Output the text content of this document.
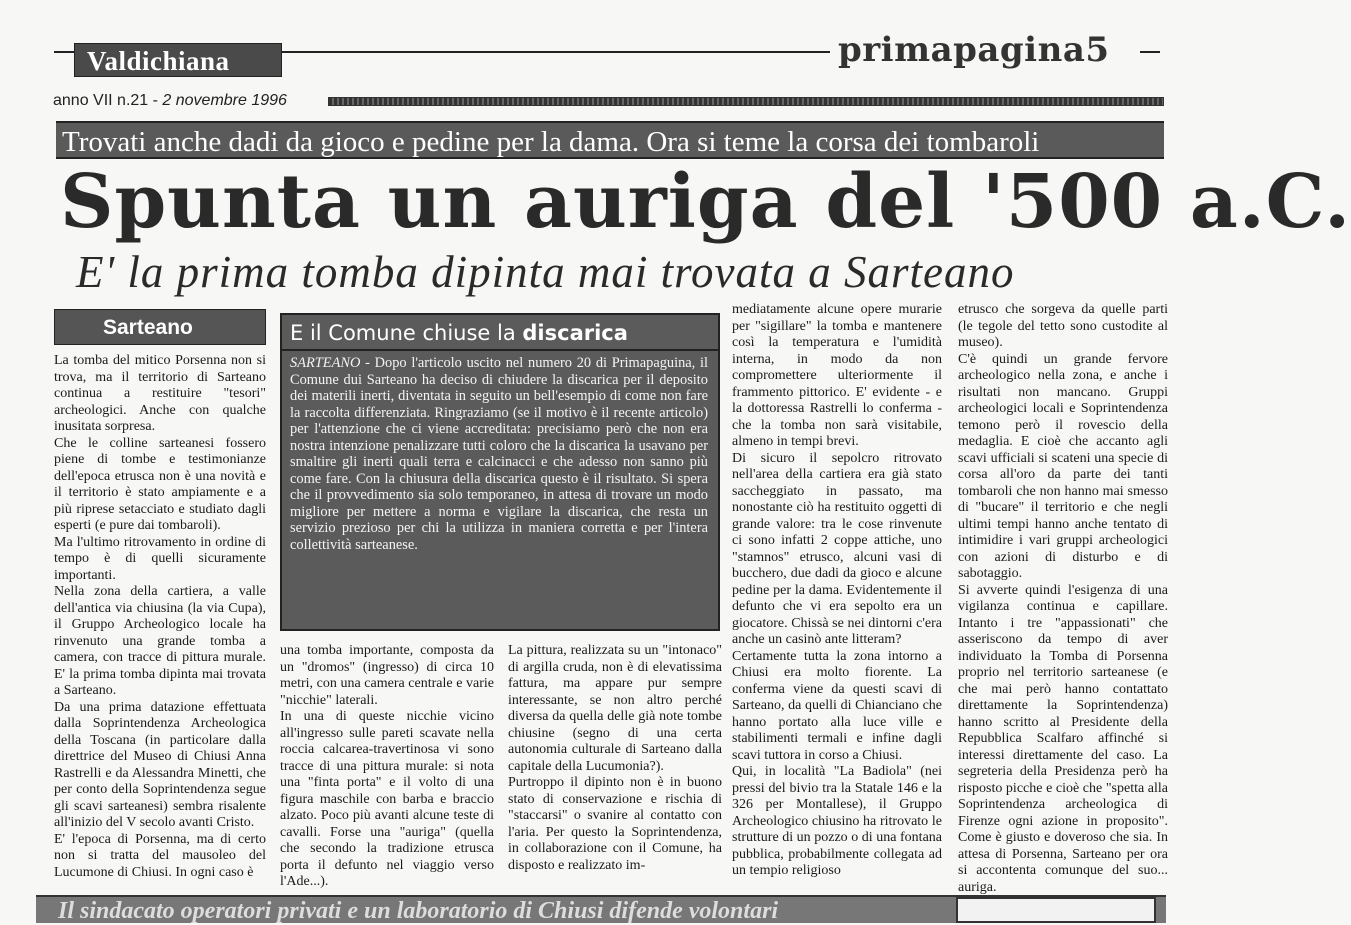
Valdichiana	primapagina5
anno VII n.21 - 2 novembre 1996
Trovati anche dadi da gioco e pedine per la dama. Ora si teme la corsa dei tombaroli
Spunta un auriga del '500 a.C.
E' la prima tomba dipinta mai trovata a Sarteano
Sarteano

La tomba del mitico Porsenna non si trova, ma il territorio di Sarteano continua a restituire "tesori" archeologici. Anche con qualche inusitata sorpresa.

Che le colline sarteanesi fossero piene di tombe e testimonianze dell'epoca etrusca non è una novità e il territorio è stato ampiamente e a più riprese setacciato e studiato dagli esperti (e pure dai tombaroli).

Ma l'ultimo ritrovamento in ordine di tempo è di quelli sicuramente importanti.

Nella zona della cartiera, a valle dell'antica via chiusina (la via Cupa), il Gruppo Archeologico locale ha rinvenuto una grande tomba a camera, con tracce di pittura murale. E' la prima tomba dipinta mai trovata a Sarteano.

Da una prima datazione effettuata dalla Soprintendenza Archeologica della Toscana (in particolare dalla direttrice del Museo di Chiusi Anna Rastrelli e da Alessandra Minetti, che per conto della Soprintendenza segue gli scavi sarteanesi) sembra risalente all'inizio del V secolo avanti Cristo.

E' l'epoca di Porsenna, ma di certo non si tratta del mausoleo del Lucumone di Chiusi. In ogni caso è

E il Comune chiuse la discarica
SARTEANO - Dopo l'articolo uscito nel numero 20 di Primapaguina, il Comune dui Sarteano ha deciso di chiudere la discarica per il deposito dei materili inerti, diventata in seguito un bell'esempio di come non fare la raccolta differenziata. Ringraziamo (se il motivo è il recente articolo) per l'attenzione che ci viene accreditata: precisiamo però che non era nostra intenzione penalizzare tutti coloro che la discarica la usavano per smaltire gli inerti quali terra e calcinacci e che adesso non sanno più come fare. Con la chiusura della discarica questo è il risultato. Si spera che il provvedimento sia solo temporaneo, in attesa di trovare un modo migliore per mettere a norma e vigilare la discarica, che resta un servizio prezioso per chi la utilizza in maniera corretta e per l'intera collettività sarteanese.

una tomba importante, composta da un "dromos" (ingresso) di circa 10 metri, con una camera centrale e varie "nicchie" laterali.

In una di queste nicchie vicino all'ingresso sulle pareti scavate nella roccia calcarea-travertinosa vi sono tracce di una pittura murale: si nota una "finta porta" e il volto di una figura maschile con barba e braccio alzato. Poco più avanti alcune teste di cavalli. Forse una "auriga" (quella che secondo la tradizione etrusca porta il defunto nel viaggio verso l'Ade...).

La pittura, realizzata su un "intonaco" di argilla cruda, non è di elevatissima fattura, ma appare pur sempre interessante, se non altro perché diversa da quella delle già note tombe chiusine (segno di una certa autonomia culturale di Sarteano dalla capitale della Lucumonia?).

Purtroppo il dipinto non è in buono stato di conservazione e rischia di "staccarsi" o svanire al contatto con l'aria. Per questo la Soprintendenza, in collaborazione con il Comune, ha disposto e realizzato im-

mediatamente alcune opere murarie per "sigillare" la tomba e mantenere così la temperatura e l'umidità interna, in modo da non compromettere ulteriormente il frammento pittorico. E' evidente - e la dottoressa Rastrelli lo conferma - che la tomba non sarà visitabile, almeno in tempi brevi.

Di sicuro il sepolcro ritrovato nell'area della cartiera era già stato saccheggiato in passato, ma nonostante ciò ha restituito oggetti di grande valore: tra le cose rinvenute ci sono infatti 2 coppe attiche, uno "stamnos" etrusco, alcuni vasi di bucchero, due dadi da gioco e alcune pedine per la dama. Evidentemente il defunto che vi era sepolto era un giocatore. Chissà se nei dintorni c'era anche un casinò ante litteram?

Certamente tutta la zona intorno a Chiusi era molto fiorente. La conferma viene da questi scavi di Sarteano, da quelli di Chianciano che hanno portato alla luce ville e stabilimenti termali e infine dagli scavi tuttora in corso a Chiusi.

Qui, in località "La Badiola" (nei pressi del bivio tra la Statale 146 e la 326 per Montallese), il Gruppo Archeologico chiusino ha ritrovato le strutture di un pozzo o di una fontana pubblica, probabilmente collegata ad un tempio religioso

etrusco che sorgeva da quelle parti (le tegole del tetto sono custodite al museo).

C'è quindi un grande fervore archeologico nella zona, e anche i risultati non mancano. Gruppi archeologici locali e Soprintendenza temono però il rovescio della medaglia. E cioè che accanto agli scavi ufficiali si scateni una specie di corsa all'oro da parte dei tanti tombaroli che non hanno mai smesso di "bucare" il territorio e che negli ultimi tempi hanno anche tentato di intimidire i vari gruppi archeologici con azioni di disturbo e di sabotaggio.

Si avverte quindi l'esigenza di una vigilanza continua e capillare. Intanto i tre "appassionati" che asseriscono da tempo di aver individuato la Tomba di Porsenna proprio nel territorio sarteanese (e che mai però hanno contattato direttamente la Soprintendenza) hanno scritto al Presidente della Repubblica Scalfaro affinché si interessi direttamente del caso. La segreteria della Presidenza però ha risposto picche e cioè che "spetta alla Soprintendenza archeologica di Firenze ogni azione in proposito". Come è giusto e doveroso che sia. In attesa di Porsenna, Sarteano per ora si accontenta comunque del suo... auriga.

Il sindacato operatori privati e un laboratorio di Chiusi difende volontari
